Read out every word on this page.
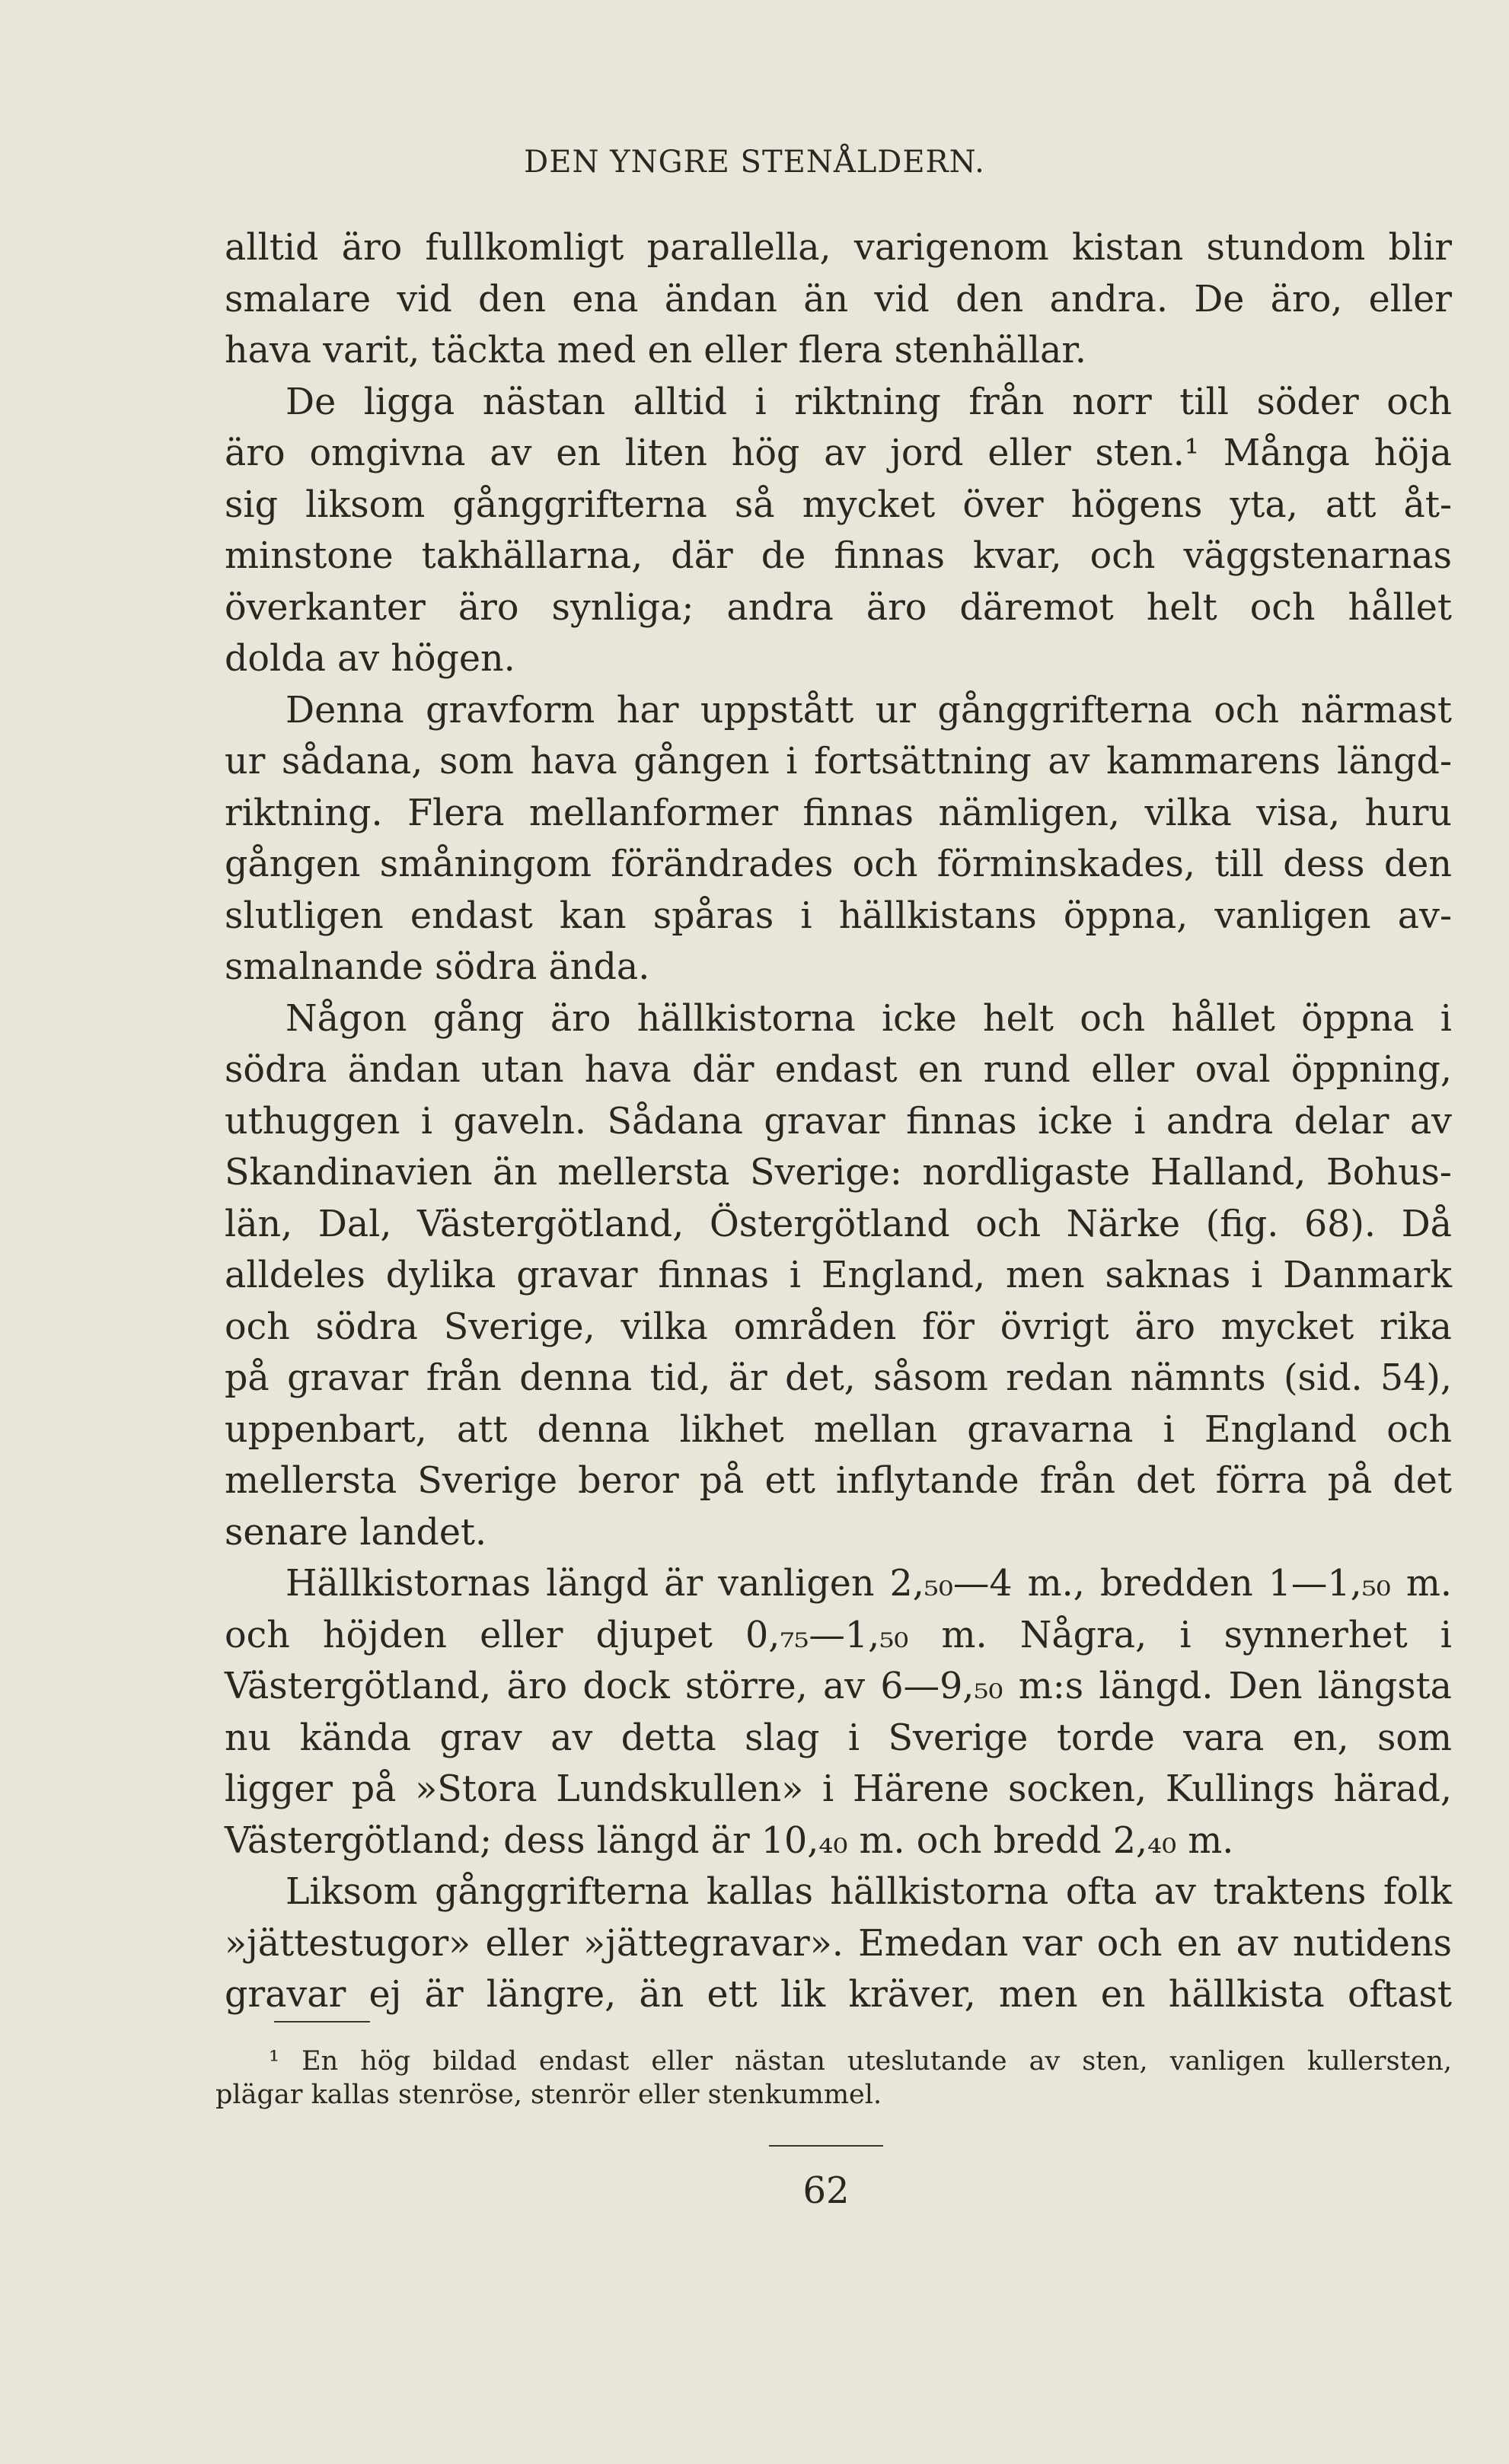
DEN YNGRE STENÅLDERN.
alltid äro fullkomligt parallella, varigenom kistan stundom blir
smalare vid den ena ändan än vid den andra. De äro, eller
hava varit, täckta med en eller flera stenhällar.
De ligga nästan alltid i riktning från norr till söder och
äro omgivna av en liten hög av jord eller sten.¹ Många höja
sig liksom gånggrifterna så mycket över högens yta, att åt-
minstone takhällarna, där de finnas kvar, och väggstenarnas
överkanter äro synliga; andra äro däremot helt och hållet
dolda av högen.
Denna gravform har uppstått ur gånggrifterna och närmast
ur sådana, som hava gången i fortsättning av kammarens längd-
riktning. Flera mellanformer finnas nämligen, vilka visa, huru
gången småningom förändrades och förminskades, till dess den
slutligen endast kan spåras i hällkistans öppna, vanligen av-
smalnande södra ända.
Någon gång äro hällkistorna icke helt och hållet öppna i
södra ändan utan hava där endast en rund eller oval öppning,
uthuggen i gaveln. Sådana gravar finnas icke i andra delar av
Skandinavien än mellersta Sverige: nordligaste Halland, Bohus-
län, Dal, Västergötland, Östergötland och Närke (fig. 68). Då
alldeles dylika gravar finnas i England, men saknas i Danmark
och södra Sverige, vilka områden för övrigt äro mycket rika
på gravar från denna tid, är det, såsom redan nämnts (sid. 54),
uppenbart, att denna likhet mellan gravarna i England och
mellersta Sverige beror på ett inflytande från det förra på det
senare landet.
Hällkistornas längd är vanligen 2,₅₀—4 m., bredden 1—1,₅₀ m.
och höjden eller djupet 0,₇₅—1,₅₀ m. Några, i synnerhet i
Västergötland, äro dock större, av 6—9,₅₀ m:s längd. Den längsta
nu kända grav av detta slag i Sverige torde vara en, som
ligger på »Stora Lundskullen» i Härene socken, Kullings härad,
Västergötland; dess längd är 10,₄₀ m. och bredd 2,₄₀ m.
Liksom gånggrifterna kallas hällkistorna ofta av traktens folk
»jättestugor» eller »jättegravar». Emedan var och en av nutidens
gravar ej är längre, än ett lik kräver, men en hällkista oftast
¹ En hög bildad endast eller nästan uteslutande av sten, vanligen kullersten,
plägar kallas stenröse, stenrör eller stenkummel.
62
